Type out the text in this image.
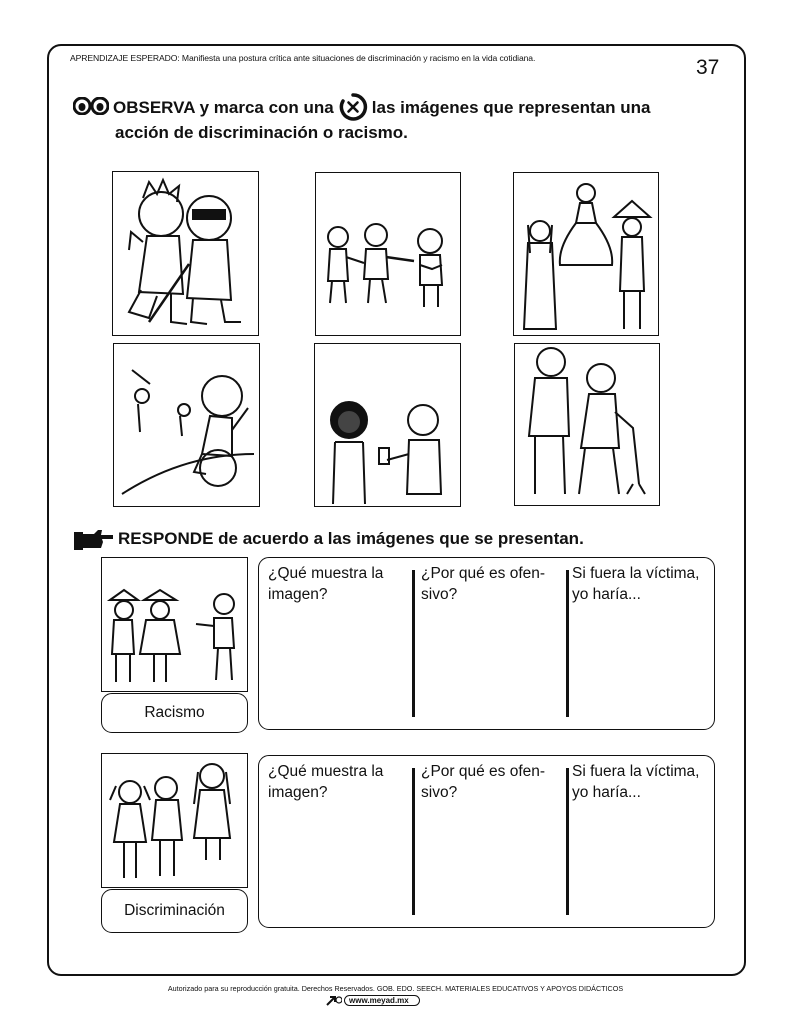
APRENDIZAJE ESPERADO: Manifiesta una postura crítica ante situaciones de discriminación y racismo en la vida cotidiana.	37
OBSERVA y marca con una las imágenes que representan una
acción de discriminación o racismo.
RESPONDE de acuerdo a las imágenes que se presentan.
Racismo
¿Qué muestra la imagen?
¿Por qué es ofen-sivo?
Si fuera la víctima, yo haría...
Discriminación
¿Qué muestra la imagen?
¿Por qué es ofen-sivo?
Si fuera la víctima, yo haría...
Autorizado para su reproducción gratuita. Derechos Reservados. GOB. EDO. SEECH. MATERIALES EDUCATIVOS Y APOYOS DIDÁCTICOS
www.meyad.mx
